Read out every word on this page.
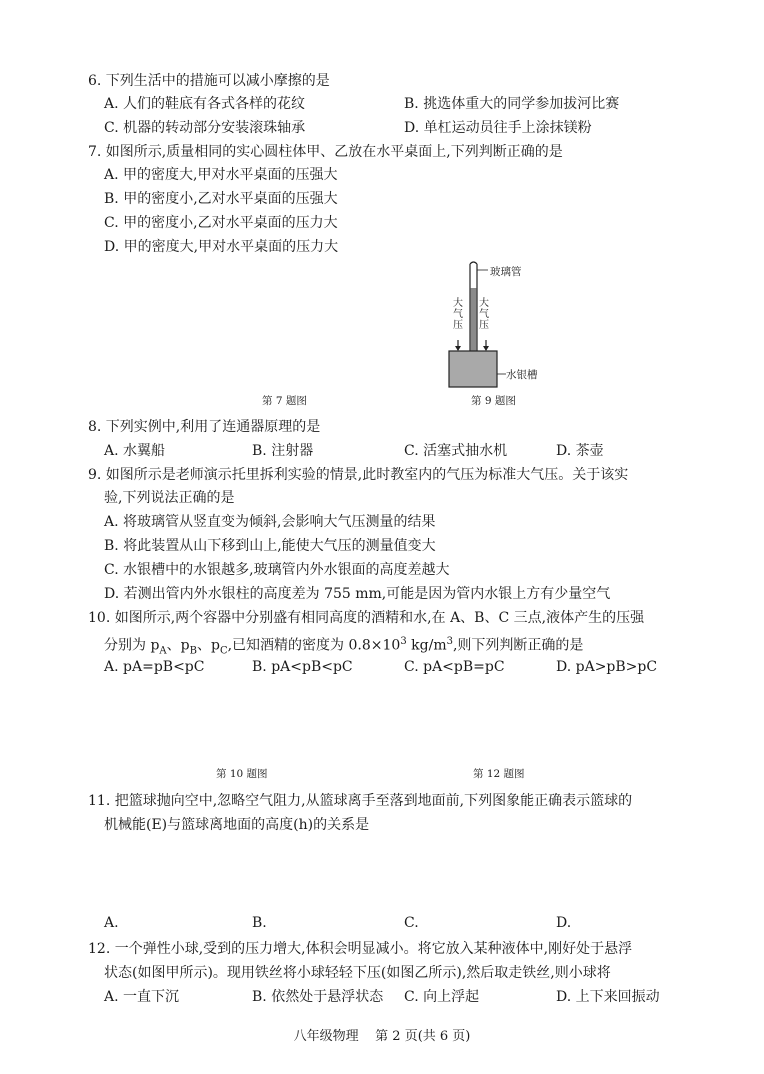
6. 下列生活中的措施可以减小摩擦的是
A. 人们的鞋底有各式各样的花纹	B. 挑选体重大的同学参加拔河比赛
C. 机器的转动部分安装滚珠轴承	D. 单杠运动员往手上涂抹镁粉
7. 如图所示,质量相同的实心圆柱体甲、乙放在水平桌面上,下列判断正确的是
A. 甲的密度大,甲对水平桌面的压强大
B. 甲的密度小,乙对水平桌面的压强大
C. 甲的密度小,乙对水平桌面的压力大
D. 甲的密度大,甲对水平桌面的压力大
玻璃管
水银槽
大气压
大气压
第 7 题图	第 9 题图
8. 下列实例中,利用了连通器原理的是
A. 水翼船	B. 注射器	C. 活塞式抽水机	D. 茶壶
9. 如图所示是老师演示托里拆利实验的情景,此时教室内的气压为标准大气压。关于该实
验,下列说法正确的是
A. 将玻璃管从竖直变为倾斜,会影响大气压测量的结果
B. 将此装置从山下移到山上,能使大气压的测量值变大
C. 水银槽中的水银越多,玻璃管内外水银面的高度差越大
D. 若测出管内外水银柱的高度差为 755 mm,可能是因为管内水银上方有少量空气
10. 如图所示,两个容器中分别盛有相同高度的酒精和水,在 A、B、C 三点,液体产生的压强
分别为 $p_A$、$p_B$、$p_C$,已知酒精的密度为 $0.8\times 10^3$ $kg/m^3$,则下列判断正确的是
A. pA=pB<pC	B. pA<pB<pC	C. pA<pB=pC	D. pA>pB>pC
第 10 题图	第 12 题图
11. 把篮球抛向空中,忽略空气阻力,从篮球离手至落到地面前,下列图象能正确表示篮球的
机械能(E)与篮球离地面的高度(h)的关系是
A.	B.	C.	D.
12. 一个弹性小球,受到的压力增大,体积会明显减小。将它放入某种液体中,刚好处于悬浮
状态(如图甲所示)。现用铁丝将小球轻轻下压(如图乙所示),然后取走铁丝,则小球将
A. 一直下沉	B. 依然处于悬浮状态 C. 向上浮起	D. 上下来回振动
八年级物理    第 2 页(共 6 页)
